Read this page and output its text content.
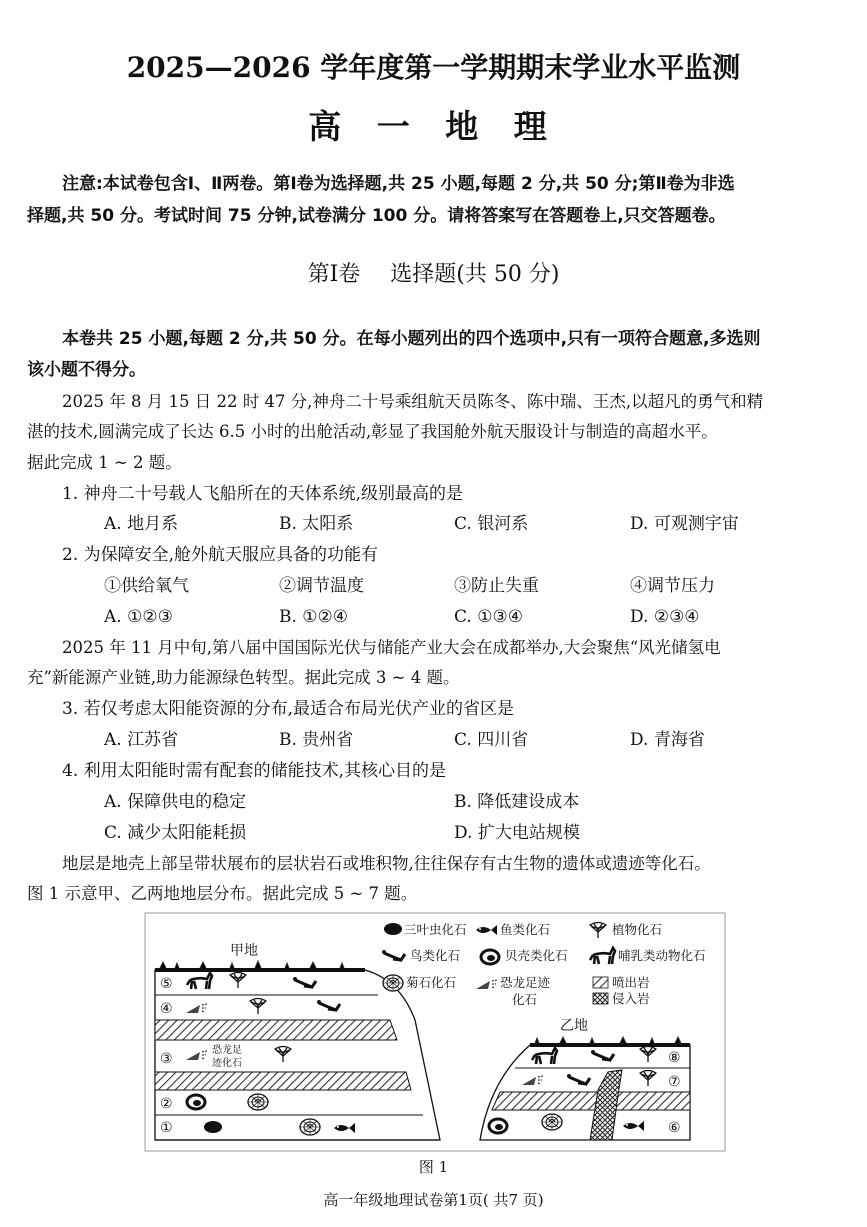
2025—2026 学年度第一学期期末学业水平监测
高 一 地 理
注意:本试卷包含Ⅰ、Ⅱ两卷。第Ⅰ卷为选择题,共 25 小题,每题 2 分,共 50 分;第Ⅱ卷为非选
择题,共 50 分。考试时间 75 分钟,试卷满分 100 分。请将答案写在答题卷上,只交答题卷。
第Ⅰ卷 选择题(共 50 分)
本卷共 25 小题,每题 2 分,共 50 分。在每小题列出的四个选项中,只有一项符合题意,多选则
该小题不得分。
2025 年 8 月 15 日 22 时 47 分,神舟二十号乘组航天员陈冬、陈中瑞、王杰,以超凡的勇气和精
湛的技术,圆满完成了长达 6.5 小时的出舱活动,彰显了我国舱外航天服设计与制造的高超水平。
据此完成 1 ~ 2 题。
1. 神舟二十号载人飞船所在的天体系统,级别最高的是
A. 地月系	B. 太阳系	C. 银河系	D. 可观测宇宙
2. 为保障安全,舱外航天服应具备的功能有
①供给氧气	②调节温度	③防止失重	④调节压力
A. ①②③	B. ①②④	C. ①③④	D. ②③④
2025 年 11 月中旬,第八届中国国际光伏与储能产业大会在成都举办,大会聚焦“风光储氢电
充”新能源产业链,助力能源绿色转型。据此完成 3 ~ 4 题。
3. 若仅考虑太阳能资源的分布,最适合布局光伏产业的省区是
A. 江苏省	B. 贵州省	C. 四川省	D. 青海省
4. 利用太阳能时需有配套的储能技术,其核心目的是
A. 保障供电的稳定	B. 降低建设成本
C. 减少太阳能耗损	D. 扩大电站规模
地层是地壳上部呈带状展布的层状岩石或堆积物,往往保存有古生物的遗体或遗迹等化石。
图 1 示意甲、乙两地地层分布。据此完成 5 ~ 7 题。
⑤
④
③
②
①
恐龙足
迹化石
甲地
⑧
⑦
⑥
乙地
三叶虫化石	鱼类化石	植物化石
鸟类化石	贝壳类化石	哺乳类动物化石
菊石化石	恐龙足迹
化石
喷出岩
侵入岩
图 1
高一年级地理试卷第1页( 共7 页)
